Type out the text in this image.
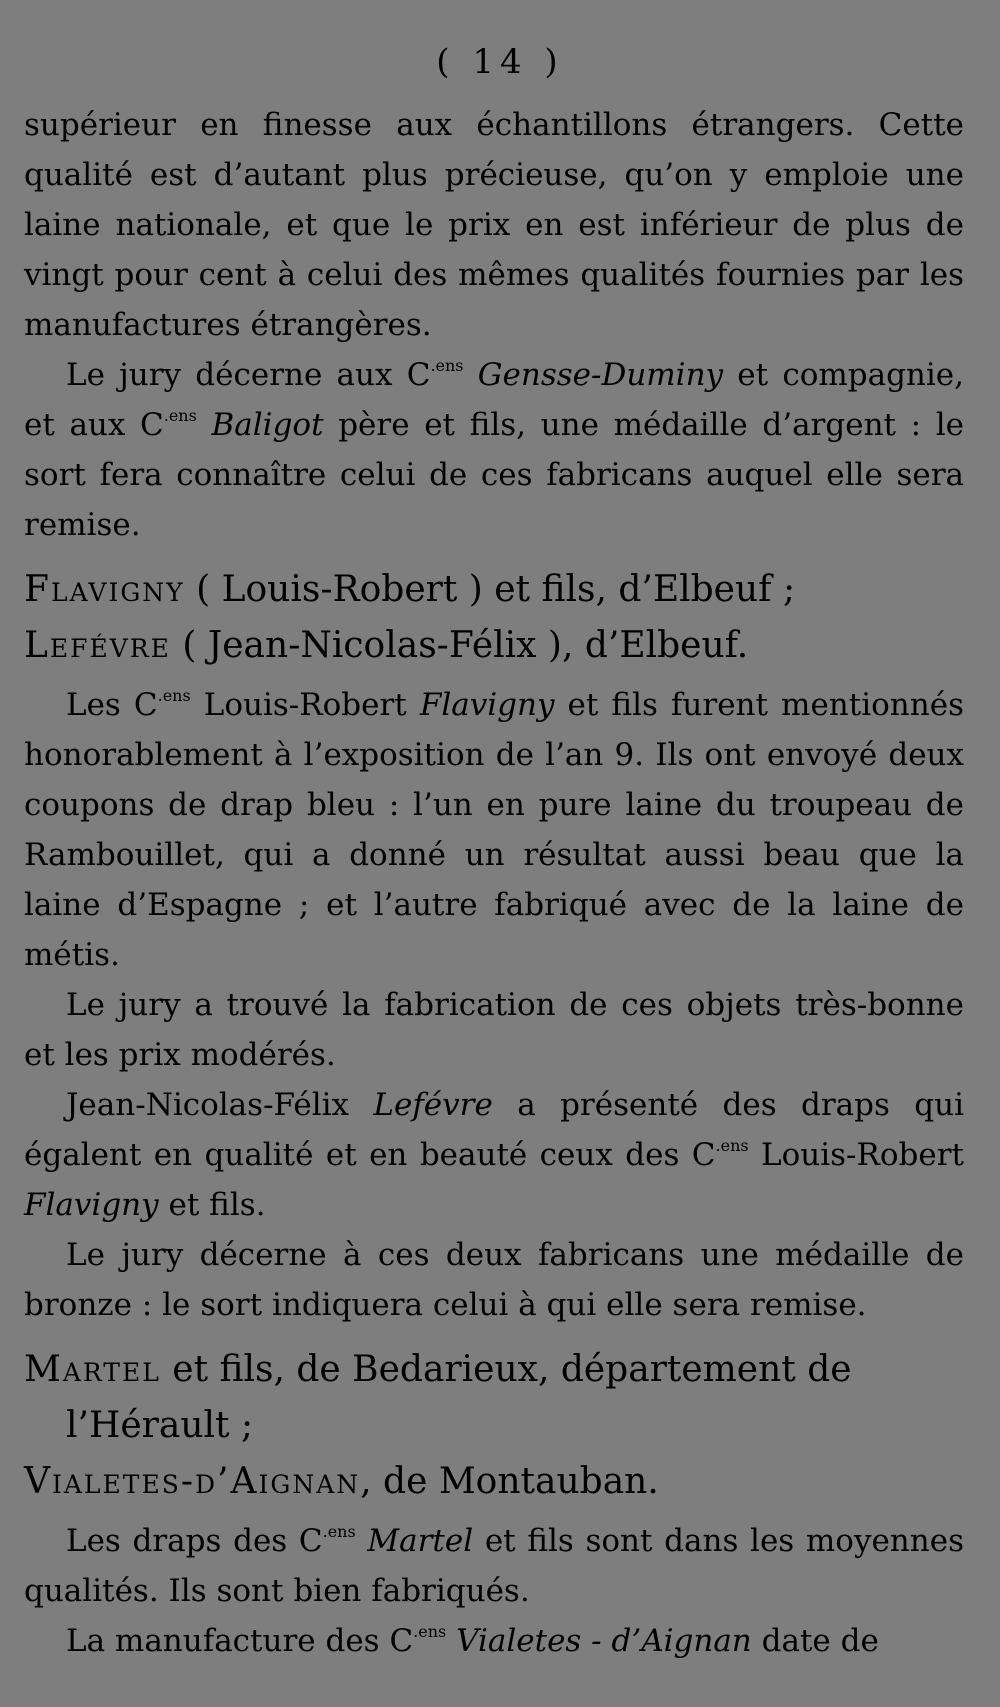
( 14 )

supérieur en finesse aux échantillons étrangers. Cette qualité est d’autant plus précieuse, qu’on y emploie une laine nationale, et que le prix en est inférieur de plus de vingt pour cent à celui des mêmes qualités fournies par les manufactures étrangères.

Le jury décerne aux $C^{.ens}$ Gensse-Duminy et compagnie, et aux $C^{.ens}$ Baligot père et fils, une médaille d’argent : le sort fera connaître celui de ces fabricans auquel elle sera remise.

Flavigny ( Louis-Robert ) et fils, d’Elbeuf ;
Lefévre ( Jean-Nicolas-Félix ), d’Elbeuf.

Les $C^{.ens}$ Louis-Robert Flavigny et fils furent mentionnés honorablement à l’exposition de l’an 9. Ils ont envoyé deux coupons de drap bleu : l’un en pure laine du troupeau de Rambouillet, qui a donné un résultat aussi beau que la laine d’Espagne ; et l’autre fabriqué avec de la laine de métis.

Le jury a trouvé la fabrication de ces objets très-bonne et les prix modérés.

Jean-Nicolas-Félix Lefévre a présenté des draps qui égalent en qualité et en beauté ceux des $C^{.ens}$ Louis-Robert Flavigny et fils.

Le jury décerne à ces deux fabricans une médaille de bronze : le sort indiquera celui à qui elle sera remise.

Martel et fils, de Bedarieux, département de
l’Hérault ;
Vialetes-d’Aignan, de Montauban.

Les draps des $C^{.ens}$ Martel et fils sont dans les moyennes qualités. Ils sont bien fabriqués.

La manufacture des $C^{.ens}$ Vialetes - d’Aignan date de
